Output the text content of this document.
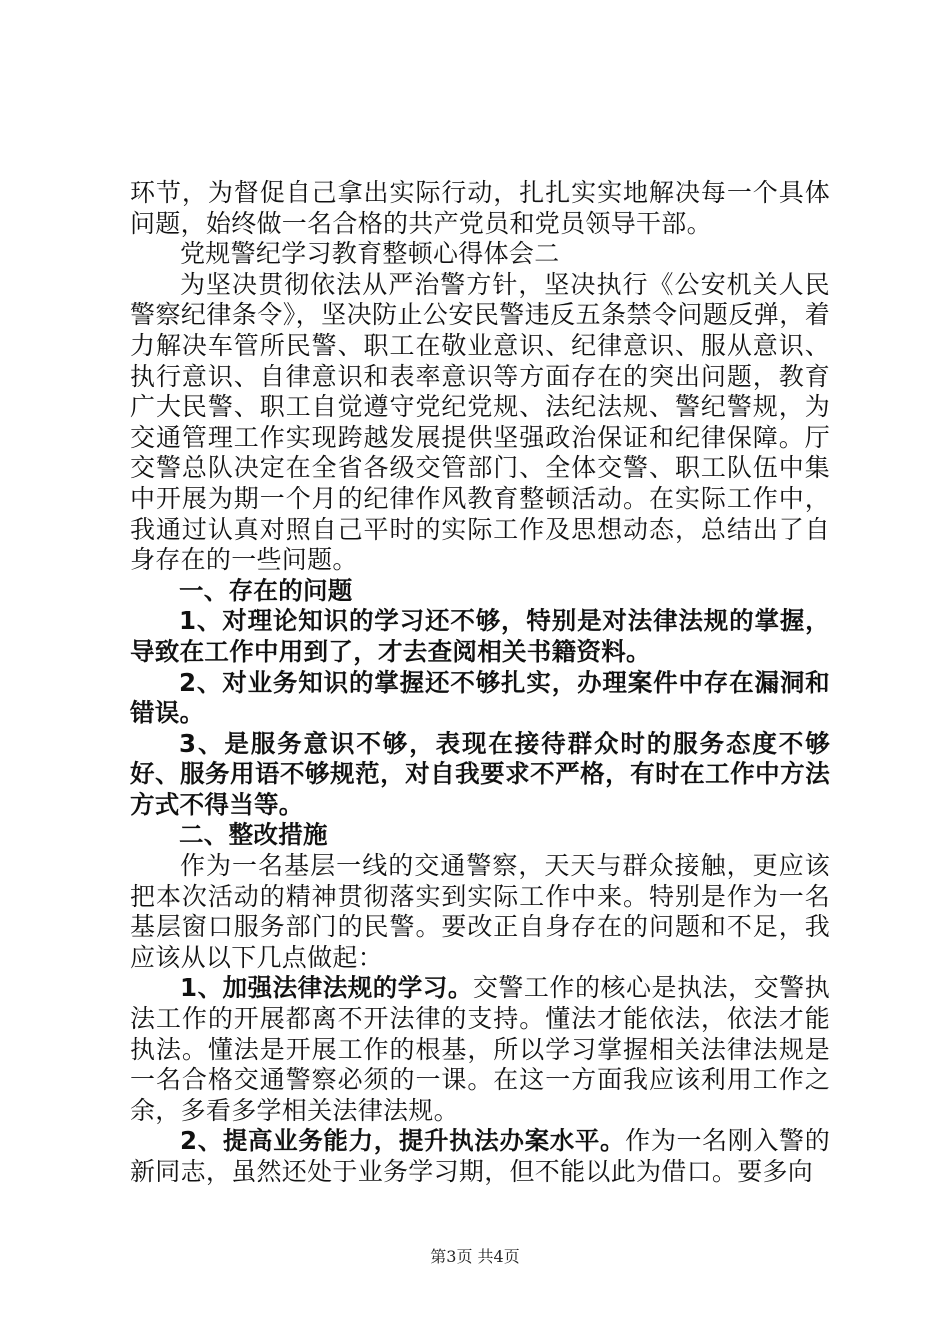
环节，为督促自己拿出实际行动，扎扎实实地解决每一个具体问题，始终做一名合格的共产党员和党员领导干部。

党规警纪学习教育整顿心得体会二

为坚决贯彻依法从严治警方针，坚决执行《公安机关人民警察纪律条令》，坚决防止公安民警违反五条禁令问题反弹，着力解决车管所民警、职工在敬业意识、纪律意识、服从意识、执行意识、自律意识和表率意识等方面存在的突出问题，教育广大民警、职工自觉遵守党纪党规、法纪法规、警纪警规，为交通管理工作实现跨越发展提供坚强政治保证和纪律保障。厅交警总队决定在全省各级交管部门、全体交警、职工队伍中集中开展为期一个月的纪律作风教育整顿活动。在实际工作中，我通过认真对照自己平时的实际工作及思想动态，总结出了自身存在的一些问题。

一、存在的问题

1、对理论知识的学习还不够，特别是对法律法规的掌握，导致在工作中用到了，才去查阅相关书籍资料。

2、对业务知识的掌握还不够扎实，办理案件中存在漏洞和错误。

3、是服务意识不够，表现在接待群众时的服务态度不够好、服务用语不够规范，对自我要求不严格，有时在工作中方法方式不得当等。

二、整改措施

作为一名基层一线的交通警察，天天与群众接触，更应该把本次活动的精神贯彻落实到实际工作中来。特别是作为一名基层窗口服务部门的民警。要改正自身存在的问题和不足，我应该从以下几点做起：

1、加强法律法规的学习。交警工作的核心是执法，交警执法工作的开展都离不开法律的支持。懂法才能依法，依法才能执法。懂法是开展工作的根基，所以学习掌握相关法律法规是一名合格交通警察必须的一课。在这一方面我应该利用工作之余，多看多学相关法律法规。

2、提高业务能力，提升执法办案水平。作为一名刚入警的新同志，虽然还处于业务学习期，但不能以此为借口。要多向

第3页 共4页
